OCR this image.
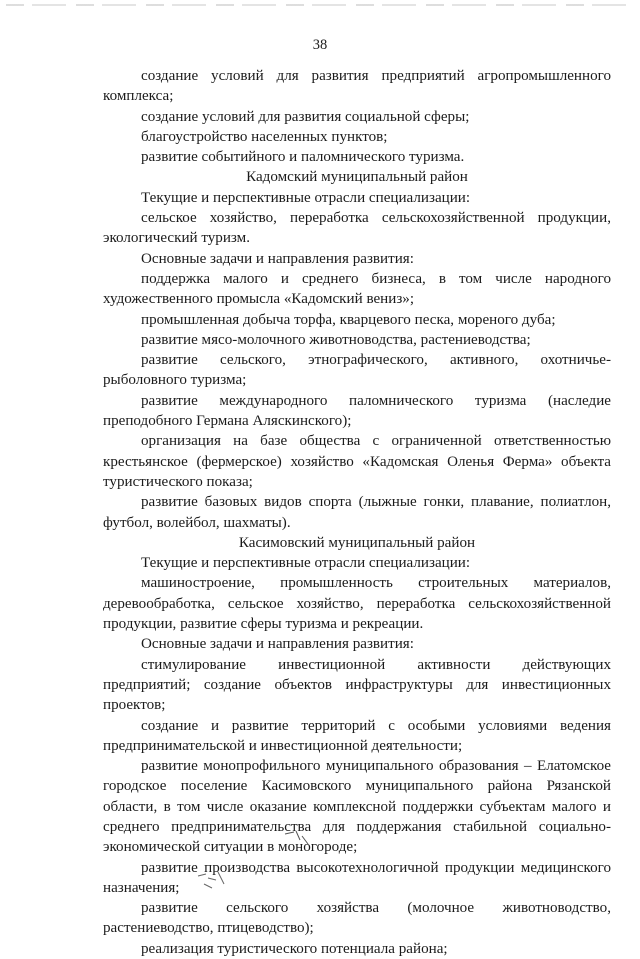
38

создание условий для развития предприятий агропромышленного комплекса;

создание условий для развития социальной сферы;

благоустройство населенных пунктов;

развитие событийного и паломнического туризма.

Кадомский муниципальный район

Текущие и перспективные отрасли специализации:

сельское хозяйство, переработка сельскохозяйственной продукции, экологический туризм.

Основные задачи и направления развития:

поддержка малого и среднего бизнеса, в том числе народного художественного промысла «Кадомский вениз»;

промышленная добыча торфа, кварцевого песка, мореного дуба;

развитие мясо-молочного животноводства, растениеводства;

развитие сельского, этнографического, активного, охотничье-рыболовного туризма;

развитие международного паломнического туризма (наследие преподобного Германа Аляскинского);

организация на базе общества с ограниченной ответственностью крестьянское (фермерское) хозяйство «Кадомская Оленья Ферма» объекта туристического показа;

развитие базовых видов спорта (лыжные гонки, плавание, полиатлон, футбол, волейбол, шахматы).

Касимовский муниципальный район

Текущие и перспективные отрасли специализации:

машиностроение, промышленность строительных материалов, деревообработка, сельское хозяйство, переработка сельскохозяйственной продукции, развитие сферы туризма и рекреации.

Основные задачи и направления развития:

стимулирование инвестиционной активности действующих предприятий; создание объектов инфраструктуры для инвестиционных проектов;

создание и развитие территорий с особыми условиями ведения предпринимательской и инвестиционной деятельности;

развитие монопрофильного муниципального образования – Елатомское городское поселение Касимовского муниципального района Рязанской области, в том числе оказание комплексной поддержки субъектам малого и среднего предпринимательства для поддержания стабильной социально-экономической ситуации в моногороде;

развитие производства высокотехнологичной продукции медицинского назначения;

развитие сельского хозяйства (молочное животноводство, растениеводство, птицеводство);

реализация туристического потенциала района;
